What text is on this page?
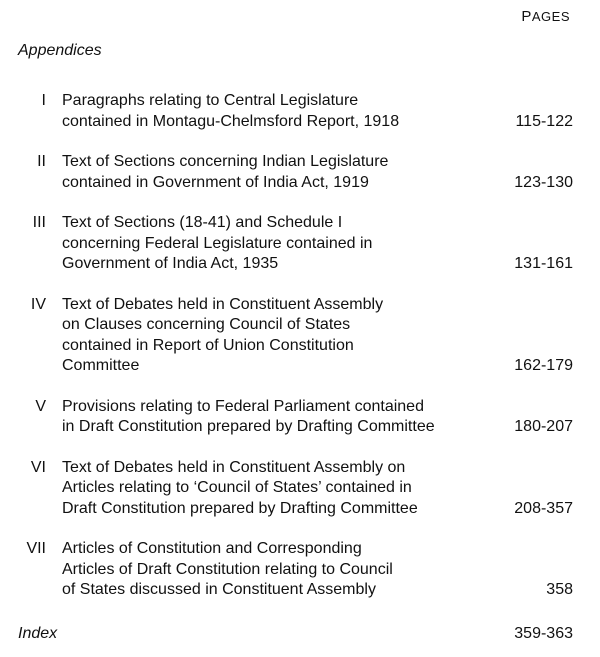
PAGES
Appendices
I Paragraphs relating to Central Legislature
contained in Montagu-Chelmsford Report, 1918	115-122
II Text of Sections concerning Indian Legislature
contained in Government of India Act, 1919	123-130
III Text of Sections (18-41) and Schedule I
concerning Federal Legislature contained in
Government of India Act, 1935	131-161
IV Text of Debates held in Constituent Assembly
on Clauses concerning Council of States
contained in Report of Union Constitution
Committee	162-179
V Provisions relating to Federal Parliament contained
in Draft Constitution prepared by Drafting Committee	180-207
VI Text of Debates held in Constituent Assembly on
Articles relating to ‘Council of States’ contained in
Draft Constitution prepared by Drafting Committee	208-357
VII Articles of Constitution and Corresponding
Articles of Draft Constitution relating to Council
of States discussed in Constituent Assembly	358
Index	359-363
